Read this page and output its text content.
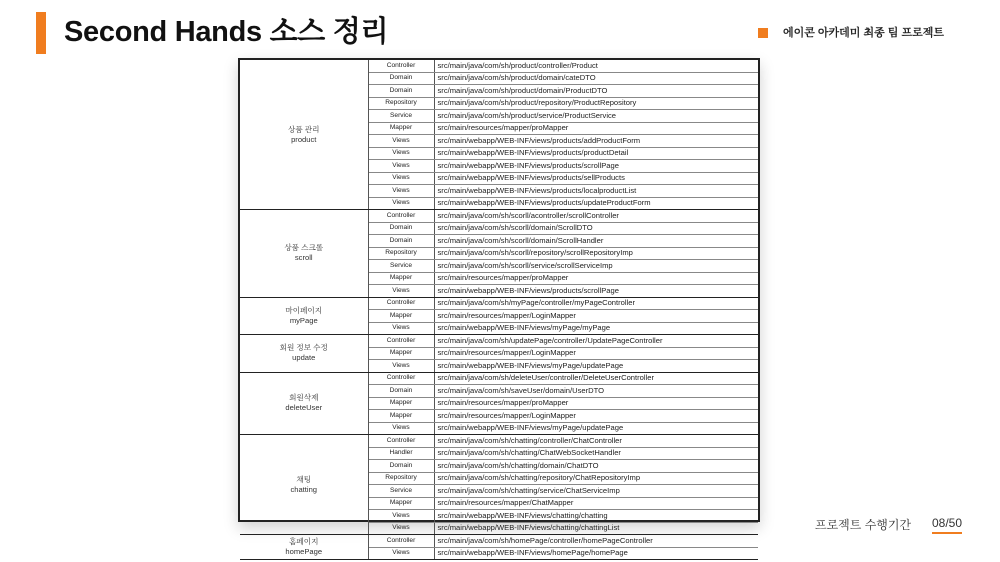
Second Hands 소스 정리	에이콘 아카데미 최종 팀 프로젝트
상품 관리
product	Controller	src/main/java/com/sh/product/controller/Product
	Domain	src/main/java/com/sh/product/domain/cateDTO
	Domain	src/main/java/com/sh/product/domain/ProductDTO
	Repository	src/main/java/com/sh/product/repository/ProductRepository
	Service	src/main/java/com/sh/product/service/ProductService
	Mapper	src/main/resources/mapper/proMapper
	Views	src/main/webapp/WEB-INF/views/products/addProductForm
	Views	src/main/webapp/WEB-INF/views/products/productDetail
	Views	src/main/webapp/WEB-INF/views/products/scrollPage
	Views	src/main/webapp/WEB-INF/views/products/sellProducts
	Views	src/main/webapp/WEB-INF/views/products/localproductList
	Views	src/main/webapp/WEB-INF/views/products/updateProductForm

상품 스크롤
scroll	Controller	src/main/java/com/sh/scorll/acontroller/scrollController
	Domain	src/main/java/com/sh/scorll/domain/ScrollDTO
	Domain	src/main/java/com/sh/scorll/domain/ScrollHandler
	Repository	src/main/java/com/sh/scorll/repository/scrollRepositoryImp
	Service	src/main/java/com/sh/scorll/service/scrollServiceImp
	Mapper	src/main/resources/mapper/proMapper
	Views	src/main/webapp/WEB-INF/views/products/scrollPage

마이페이지
myPage	Controller	src/main/java/com/sh/myPage/controller/myPageController
	Mapper	src/main/resources/mapper/LoginMapper
	Views	src/main/webapp/WEB-INF/views/myPage/myPage

회원 정보 수정
update	Controller	src/main/java/com/sh/updatePage/controller/UpdatePageController
	Mapper	src/main/resources/mapper/LoginMapper
	Views	src/main/webapp/WEB-INF/views/myPage/updatePage

회원삭제
deleteUser	Controller	src/main/java/com/sh/deleteUser/controller/DeleteUserController
	Domain	src/main/java/com/sh/saveUser/domain/UserDTO
	Mapper	src/main/resources/mapper/proMapper
	Mapper	src/main/resources/mapper/LoginMapper
	Views	src/main/webapp/WEB-INF/views/myPage/updatePage

채팅
chatting	Controller	src/main/java/com/sh/chatting/controller/ChatController
	Handler	src/main/java/com/sh/chatting/ChatWebSocketHandler
	Domain	src/main/java/com/sh/chatting/domain/ChatDTO
	Repository	src/main/java/com/sh/chatting/repository/ChatRepositoryImp
	Service	src/main/java/com/sh/chatting/service/ChatServiceImp
	Mapper	src/main/resources/mapper/ChatMapper
	Views	src/main/webapp/WEB-INF/views/chatting/chatting
	Views	src/main/webapp/WEB-INF/views/chatting/chattingList

홈페이지
homePage	Controller	src/main/java/com/sh/homePage/controller/homePageController
	Views	src/main/webapp/WEB-INF/views/homePage/homePage
프로젝트 수행기간 08/50
